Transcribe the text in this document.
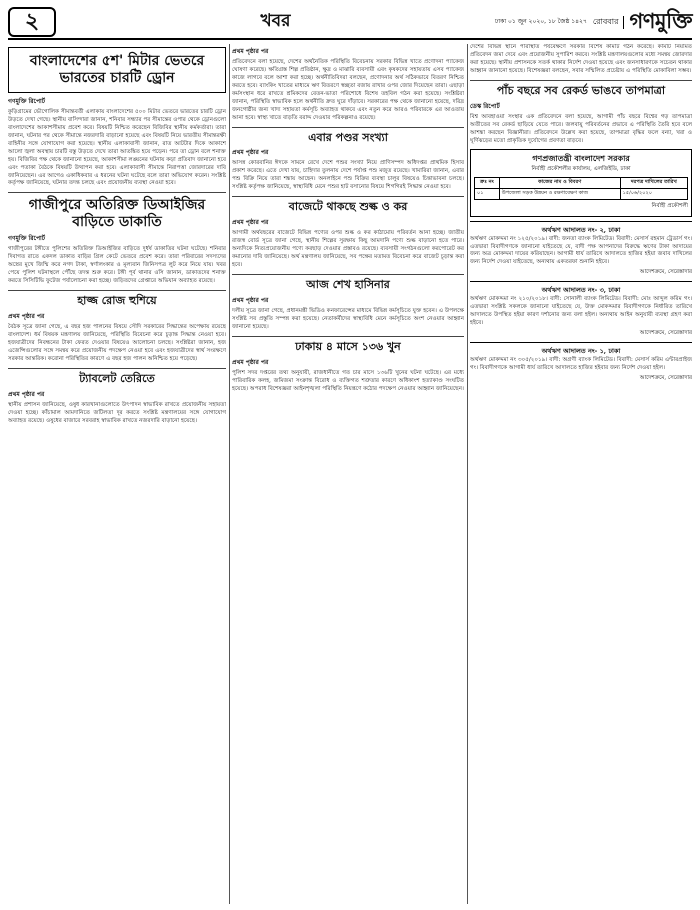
২	খবর	ঢাকা ০১ জুন ২০২০, ১৮ জৈষ্ঠ ১৪২৭ রোববার গণমুক্তি
বাংলাদেশের ৫শ' মিটার ভেতরে ভারতের চারটি ড্রোন
গণমুক্তি রিপোর্ট
কুড়িগ্রামের ভৌগোলিক সীমান্তবর্তী এলাকায় বাংলাদেশের ৫০০ মিটার ভেতরে ভারতের চারটি ড্রোন উড়তে দেখা গেছে। স্থানীয় বাসিন্দারা জানান, শনিবার সন্ধ্যার পর সীমান্তের ওপার থেকে ড্রোনগুলো বাংলাদেশের আকাশসীমায় প্রবেশ করে। বিষয়টি নিশ্চিত করেছেন বিজিবির স্থানীয় কর্মকর্তারা। তারা জানান, ঘটনার পর থেকে সীমান্তে নজরদারি বাড়ানো হয়েছে এবং বিষয়টি নিয়ে ভারতীয় সীমান্তরক্ষী বাহিনীর সঙ্গে যোগাযোগ করা হয়েছে। স্থানীয় এলাকাবাসী জানান, রাত আটটার দিকে আকাশে আলো জ্বলা অবস্থায় চারটি বস্তু উড়তে দেখে তারা আতঙ্কিত হয়ে পড়েন। পরে তা ড্রোন বলে শনাক্ত হয়। বিজিবির পক্ষ থেকে জানানো হয়েছে, আকাশসীমা লঙ্ঘনের ঘটনায় কড়া প্রতিবাদ জানানো হবে এবং পতাকা বৈঠকে বিষয়টি উত্থাপন করা হবে। এলাকাবাসী সীমান্তে নিরাপত্তা জোরদারের দাবি জানিয়েছেন। এর আগেও একাধিকবার এ ধরনের ঘটনা ঘটেছে বলে তারা অভিযোগ করেন। সংশ্লিষ্ট কর্তৃপক্ষ জানিয়েছে, ঘটনার তদন্ত চলছে এবং প্রয়োজনীয় ব্যবস্থা নেওয়া হবে।
গাজীপুরে অতিরিক্ত ডিআইজির বাড়িতে ডাকাতি
গণমুক্তি রিপোর্ট
গাজীপুরের টঙ্গীতে পুলিশের অতিরিক্ত ডিআইজির বাড়িতে দুর্ধর্ষ ডাকাতির ঘটনা ঘটেছে। শনিবার দিবাগত রাতে একদল ডাকাত বাড়ির গ্রিল কেটে ভেতরে প্রবেশ করে। তারা পরিবারের সদস্যদের অস্ত্রের মুখে জিম্মি করে নগদ টাকা, স্বর্ণালংকার ও মূল্যবান জিনিসপত্র লুট করে নিয়ে যায়। খবর পেয়ে পুলিশ ঘটনাস্থলে পৌঁছে তদন্ত শুরু করে। টঙ্গী পূর্ব থানার ওসি জানান, ডাকাতদের শনাক্ত করতে সিসিটিভি ফুটেজ পর্যালোচনা করা হচ্ছে। জড়িতদের গ্রেপ্তারে অভিযান অব্যাহত রয়েছে।
হাজ্জ রোজ হুশিয়ে
প্রথম পৃষ্ঠার পর
বৈঠক সূত্রে জানা গেছে, এ বছর হজ পালনের বিষয়ে সৌদি সরকারের সিদ্ধান্তের অপেক্ষায় রয়েছে বাংলাদেশ। ধর্ম বিষয়ক মন্ত্রণালয় জানিয়েছে, পরিস্থিতি বিবেচনা করে চূড়ান্ত সিদ্ধান্ত নেওয়া হবে। হজযাত্রীদের নিবন্ধনের টাকা ফেরত দেওয়ার বিষয়েও আলোচনা চলছে। সংশ্লিষ্টরা জানান, হজ এজেন্সিগুলোর সঙ্গে সমন্বয় করে প্রয়োজনীয় পদক্ষেপ নেওয়া হবে এবং হজযাত্রীদের স্বার্থ সংরক্ষণে সরকার আন্তরিক। করোনা পরিস্থিতির কারণে এ বছর হজ পালন অনিশ্চিত হয়ে পড়েছে।
ট্যাবলেট তেরিতে
প্রথম পৃষ্ঠার পর
স্থানীয় প্রশাসন জানিয়েছে, ওষুধ কারখানাগুলোতে উৎপাদন স্বাভাবিক রাখতে প্রয়োজনীয় সহায়তা দেওয়া হচ্ছে। কাঁচামাল আমদানিতে জটিলতা দূর করতে সংশ্লিষ্ট মন্ত্রণালয়ের সঙ্গে যোগাযোগ অব্যাহত রয়েছে। ওষুধের বাজারে সরবরাহ স্বাভাবিক রাখতে নজরদারি বাড়ানো হয়েছে।
প্রথম পৃষ্ঠার পর
প্রতিবেদনে বলা হয়েছে, দেশের অর্থনৈতিক পরিস্থিতি বিবেচনায় সরকার বিভিন্ন খাতে প্রণোদনা প্যাকেজ ঘোষণা করেছে। ক্ষতিগ্রস্ত শিল্প প্রতিষ্ঠান, ক্ষুদ্র ও মাঝারি ব্যবসায়ী এবং কৃষকদের সহায়তায় এসব প্যাকেজ কাজে লাগবে বলে আশা করা হচ্ছে। অর্থনীতিবিদরা বলছেন, প্রণোদনার অর্থ সঠিকভাবে বিতরণ নিশ্চিত করতে হবে। ব্যাংকিং খাতের মাধ্যমে ঋণ বিতরণে স্বচ্ছতা বজায় রাখার ওপর জোর দিয়েছেন তারা। এছাড়া কর্মসংস্থান ধরে রাখতে শ্রমিকদের বেতন-ভাতা পরিশোধে বিশেষ তহবিল গঠন করা হয়েছে। সংশ্লিষ্টরা জানান, পরিস্থিতি স্বাভাবিক হলে অর্থনীতি দ্রুত ঘুরে দাঁড়াবে। সরকারের পক্ষ থেকে জানানো হয়েছে, দরিদ্র জনগোষ্ঠীর জন্য খাদ্য সহায়তা কর্মসূচি অব্যাহত থাকবে এবং নতুন করে আরও পরিবারকে এর আওতায় আনা হবে। স্বাস্থ্য খাতে বাড়তি বরাদ্দ দেওয়ার পরিকল্পনাও রয়েছে।
এবার পণ্ডর সংখ্যা
প্রথম পৃষ্ঠার পর
আসন্ন কোরবানির ঈদকে সামনে রেখে দেশে পশুর সংখ্যা নিয়ে প্রাণিসম্পদ অধিদপ্তর প্রাথমিক হিসাব প্রকাশ করেছে। এতে দেখা যায়, চাহিদার তুলনায় দেশে পর্যাপ্ত পশু মজুত রয়েছে। খামারিরা জানান, এবার পশু বিক্রি নিয়ে তারা শঙ্কায় আছেন। অনলাইনে পশু বিক্রির ব্যবস্থা চালুর বিষয়েও চিন্তাভাবনা চলছে। সংশ্লিষ্ট কর্তৃপক্ষ জানিয়েছে, স্বাস্থ্যবিধি মেনে পশুর হাট বসানোর বিষয়ে শিগগিরই সিদ্ধান্ত নেওয়া হবে।
বাজেটে থাকছে শুল্ক ও কর
প্রথম পৃষ্ঠার পর
আগামী অর্থবছরের বাজেটে বিভিন্ন পণ্যের ওপর শুল্ক ও কর কাঠামোয় পরিবর্তন আনা হচ্ছে। জাতীয় রাজস্ব বোর্ড সূত্রে জানা গেছে, স্থানীয় শিল্পের সুরক্ষায় কিছু আমদানি পণ্যে শুল্ক বাড়ানো হতে পারে। অন্যদিকে নিত্যপ্রয়োজনীয় পণ্যে করছাড় দেওয়ার প্রস্তাবও রয়েছে। ব্যবসায়ী সংগঠনগুলো করপোরেট কর কমানোর দাবি জানিয়েছে। অর্থ মন্ত্রণালয় জানিয়েছে, সব পক্ষের মতামত বিবেচনা করে বাজেট চূড়ান্ত করা হবে।
আজ শেখ হাসিনার
প্রথম পৃষ্ঠার পর
দলীয় সূত্রে জানা গেছে, প্রধানমন্ত্রী ভিডিও কনফারেন্সের মাধ্যমে বিভিন্ন কর্মসূচিতে যুক্ত হবেন। এ উপলক্ষে সংশ্লিষ্ট সব প্রস্তুতি সম্পন্ন করা হয়েছে। নেতাকর্মীদের স্বাস্থ্যবিধি মেনে কর্মসূচিতে অংশ নেওয়ার আহ্বান জানানো হয়েছে।
ঢাকায় ৪ মাসে ১৩৬ খুন
প্রথম পৃষ্ঠার পর
পুলিশ সদর দপ্তরের তথ্য অনুযায়ী, রাজধানীতে গত চার মাসে ১৩৬টি খুনের ঘটনা ঘটেছে। এর মধ্যে পারিবারিক কলহ, জমিজমা সংক্রান্ত বিরোধ ও ব্যক্তিগত শত্রুতার কারণে অধিকাংশ হত্যাকাণ্ড সংঘটিত হয়েছে। অপরাধ বিশেষজ্ঞরা আইনশৃঙ্খলা পরিস্থিতি নিয়ন্ত্রণে কঠোর পদক্ষেপ নেওয়ার আহ্বান জানিয়েছেন।
দেশের বিভিন্ন স্থানে পরিস্থিতি পর্যবেক্ষণে সরকার বিশেষ কমিটি গঠন করেছে। কমিটি নিয়মিত প্রতিবেদন জমা দেবে এবং প্রয়োজনীয় সুপারিশ করবে। সংশ্লিষ্ট মন্ত্রণালয়গুলোর মধ্যে সমন্বয় জোরদার করা হয়েছে। স্থানীয় প্রশাসনকে সতর্ক থাকার নির্দেশ দেওয়া হয়েছে এবং জনসাধারণকে সচেতন থাকার আহ্বান জানানো হয়েছে। বিশেষজ্ঞরা বলছেন, সবার সম্মিলিত প্রচেষ্টায় এ পরিস্থিতি মোকাবিলা সম্ভব।
পাঁচ বছরে সব রেকর্ড ভাঙবে তাপমাত্রা
ডেস্ক রিপোর্ট
বিশ্ব আবহাওয়া সংস্থার এক প্রতিবেদনে বলা হয়েছে, আগামী পাঁচ বছরে বিশ্বের গড় তাপমাত্রা অতীতের সব রেকর্ড ছাড়িয়ে যেতে পারে। জলবায়ু পরিবর্তনের প্রভাবে এ পরিস্থিতি তৈরি হবে বলে আশঙ্কা করছেন বিজ্ঞানীরা। প্রতিবেদনে উল্লেখ করা হয়েছে, তাপমাত্রা বৃদ্ধির ফলে বন্যা, খরা ও ঘূর্ণিঝড়ের মতো প্রাকৃতিক দুর্যোগের প্রবণতা বাড়বে।
গণপ্রজাতন্ত্রী বাংলাদেশ সরকার
নির্বাহী প্রকৌশলীর কার্যালয়, এলজিইডি, ঢাকা
ক্রঃ নং	কাজের নাম ও বিবরণ	দরপত্র দাখিলের তারিখ
০১	উপজেলা সড়ক উন্নয়ন ও রক্ষণাবেক্ষণ কাজ	১৫/০৬/২০২০
নির্বাহী প্রকৌশলী
অর্থঋণ আদালত নং- ২, ঢাকা
অর্থঋণ মোকদ্দমা নং ১২৫/২০১৯। বাদী: জনতা ব্যাংক লিমিটেড। বিবাদী: মেসার্স রহমান ট্রেডার্স গং। এতদ্বারা বিবাদীগণকে জানানো যাইতেছে যে, বাদী পক্ষ আপনাদের বিরুদ্ধে ঋণের টাকা আদায়ের জন্য অত্র মোকদ্দমা দায়ের করিয়াছেন। আগামী ধার্য তারিখে আদালতে হাজির হইয়া জবাব দাখিলের জন্য নির্দেশ দেওয়া যাইতেছে, অন্যথায় একতরফা শুনানি হইবে।
আদেশক্রমে, সেরেস্তাদার
অর্থঋণ আদালত নং- ৩, ঢাকা
অর্থঋণ মোকদ্দমা নং ২১০/২০১৮। বাদী: সোনালী ব্যাংক লিমিটেড। বিবাদী: মোঃ আব্দুল করিম গং। এতদ্বারা সংশ্লিষ্ট সকলকে জানানো যাইতেছে যে, উক্ত মোকদ্দমার বিবাদীগণকে নির্ধারিত তারিখে আদালতে উপস্থিত হইয়া কারণ দর্শানোর জন্য বলা হইল। অন্যথায় আইন অনুযায়ী ব্যবস্থা গ্রহণ করা হইবে।
আদেশক্রমে, সেরেস্তাদার
অর্থঋণ আদালত নং- ১, ঢাকা
অর্থঋণ মোকদ্দমা নং ৩০৫/২০১৯। বাদী: অগ্রণী ব্যাংক লিমিটেড। বিবাদী: মেসার্স করিম এন্টারপ্রাইজ গং। বিবাদীগণকে আগামী ধার্য তারিখে আদালতে হাজির হইবার জন্য নির্দেশ দেওয়া হইল।
আদেশক্রমে, সেরেস্তাদার
